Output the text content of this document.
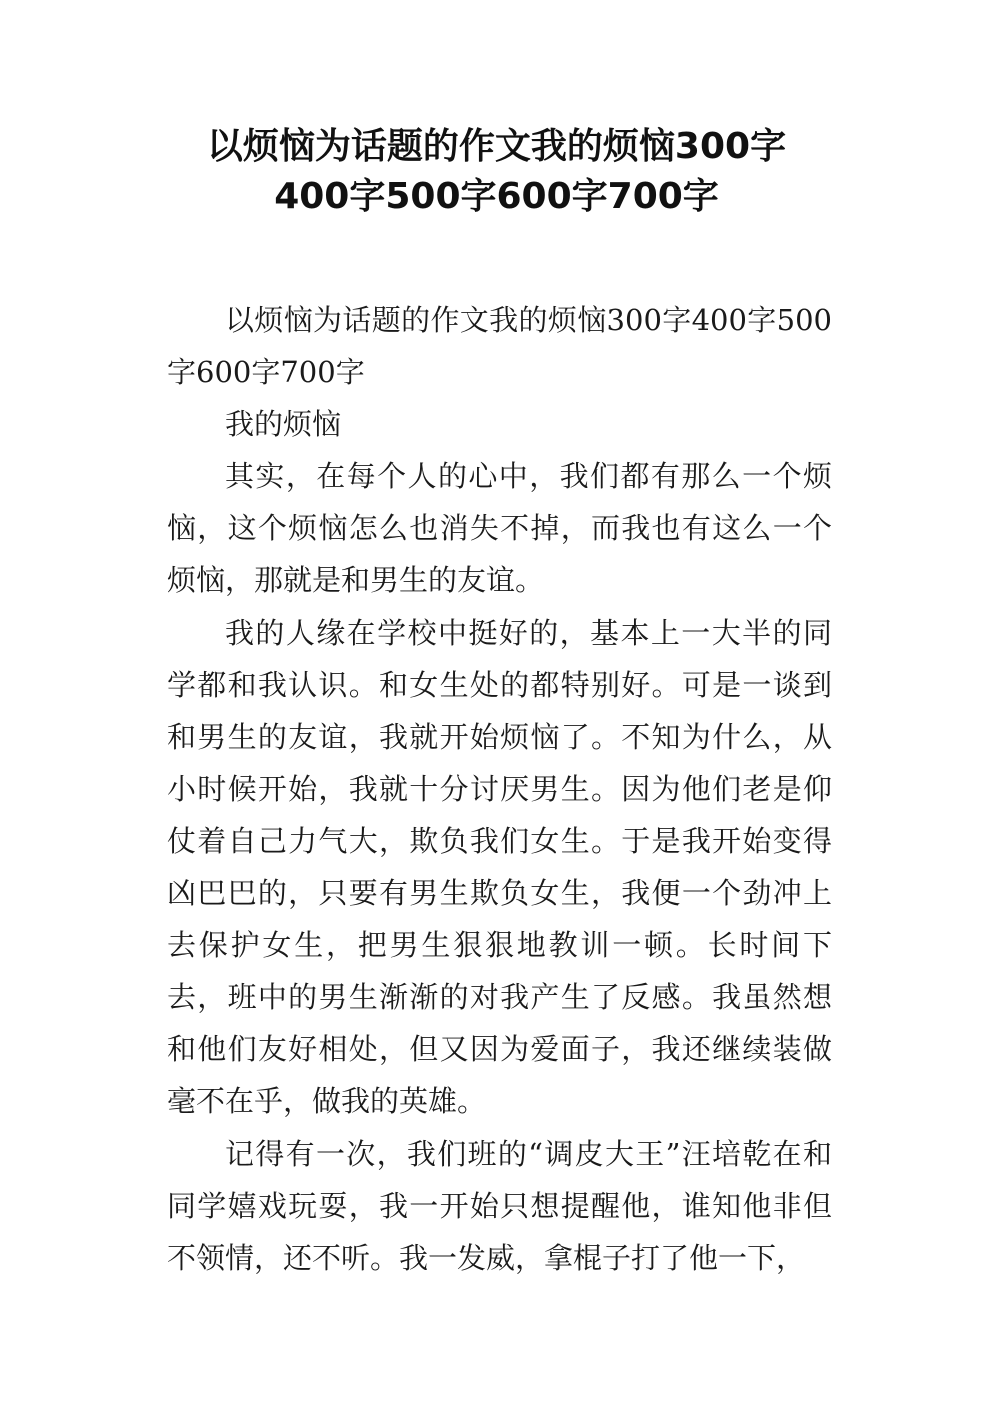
以烦恼为话题的作文我的烦恼300字
400字500字600字700字

以烦恼为话题的作文我的烦恼300字400字500字600字700字

我的烦恼

其实，在每个人的心中，我们都有那么一个烦恼，这个烦恼怎么也消失不掉，而我也有这么一个烦恼，那就是和男生的友谊。

我的人缘在学校中挺好的，基本上一大半的同学都和我认识。和女生处的都特别好。可是一谈到和男生的友谊，我就开始烦恼了。不知为什么，从小时候开始，我就十分讨厌男生。因为他们老是仰仗着自己力气大，欺负我们女生。于是我开始变得凶巴巴的，只要有男生欺负女生，我便一个劲冲上去保护女生，把男生狠狠地教训一顿。长时间下去，班中的男生渐渐的对我产生了反感。我虽然想和他们友好相处，但又因为爱面子，我还继续装做毫不在乎，做我的英雄。

记得有一次，我们班的“调皮大王”汪培乾在和同学嬉戏玩耍，我一开始只想提醒他，谁知他非但不领情，还不听。我一发威，拿棍子打了他一下，
